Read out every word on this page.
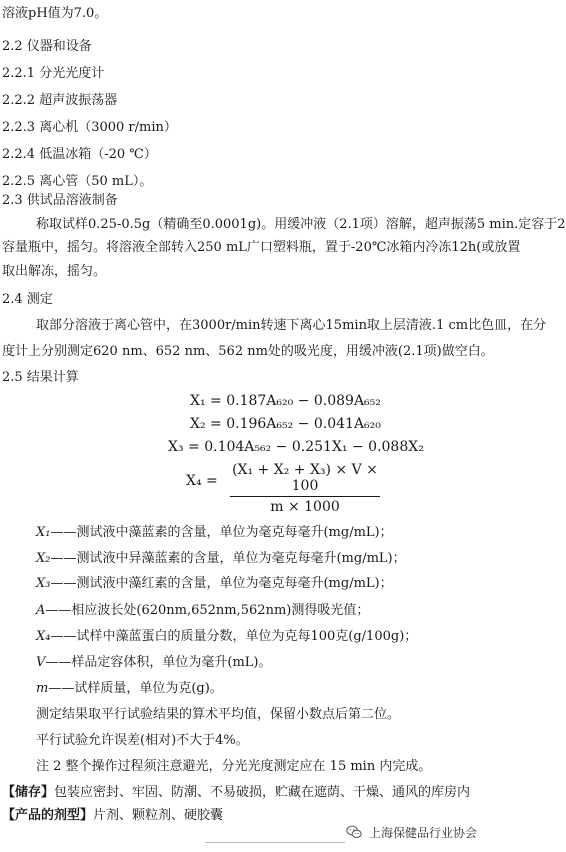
溶液pH值为7.0。
2.2 仪器和设备
2.2.1 分光光度计
2.2.2 超声波振荡器
2.2.3 离心机（3000 r/min）
2.2.4 低温冰箱（-20 ℃）
2.2.5 离心管（50 mL）。
2.3 供试品溶液制备
称取试样0.25-0.5g（精确至0.0001g)。用缓冲液（2.1项）溶解，超声振荡5 min.定容于2
容量瓶中，摇匀。将溶液全部转入250 mL广口塑料瓶，置于-20℃冰箱内冷冻12h(或放置
取出解冻，摇匀。
2.4 测定
取部分溶液于离心管中，在3000r/min转速下离心15min取上层清液.1 cm比色皿，在分
度计上分别测定620 nm、652 nm、562 nm处的吸光度，用缓冲液(2.1项)做空白。
2.5 结果计算
X₁ = 0.187A₆₂₀ − 0.089A₆₅₂
X₂ = 0.196A₆₅₂ − 0.041A₆₂₀
X₃ = 0.104A₅₆₂ − 0.251X₁ − 0.088X₂
X₄ =
(X₁ + X₂ + X₃) × V × 100
m × 1000
X₁——测试液中藻蓝素的含量，单位为毫克每毫升(mg/mL)；
X₂——测试液中异藻蓝素的含量，单位为毫克每毫升(mg/mL)；
X₃——测试液中藻红素的含量，单位为毫克每毫升(mg/mL)；
A——相应波长处(620nm,652nm,562nm)测得吸光值；
X₄——试样中藻蓝蛋白的质量分数，单位为克每100克(g/100g)；
V——样品定容体积，单位为毫升(mL)。
m——试样质量，单位为克(g)。
测定结果取平行试验结果的算术平均值，保留小数点后第二位。
平行试验允许误差(相对)不大于4%。
注 2 整个操作过程须注意避光，分光光度测定应在 15 min 内完成。
【储存】包装应密封、牢固、防潮、不易破损，贮藏在遮荫、干燥、通风的库房内
【产品的剂型】片剂、颗粒剂、硬胶囊
上海保健品行业协会
